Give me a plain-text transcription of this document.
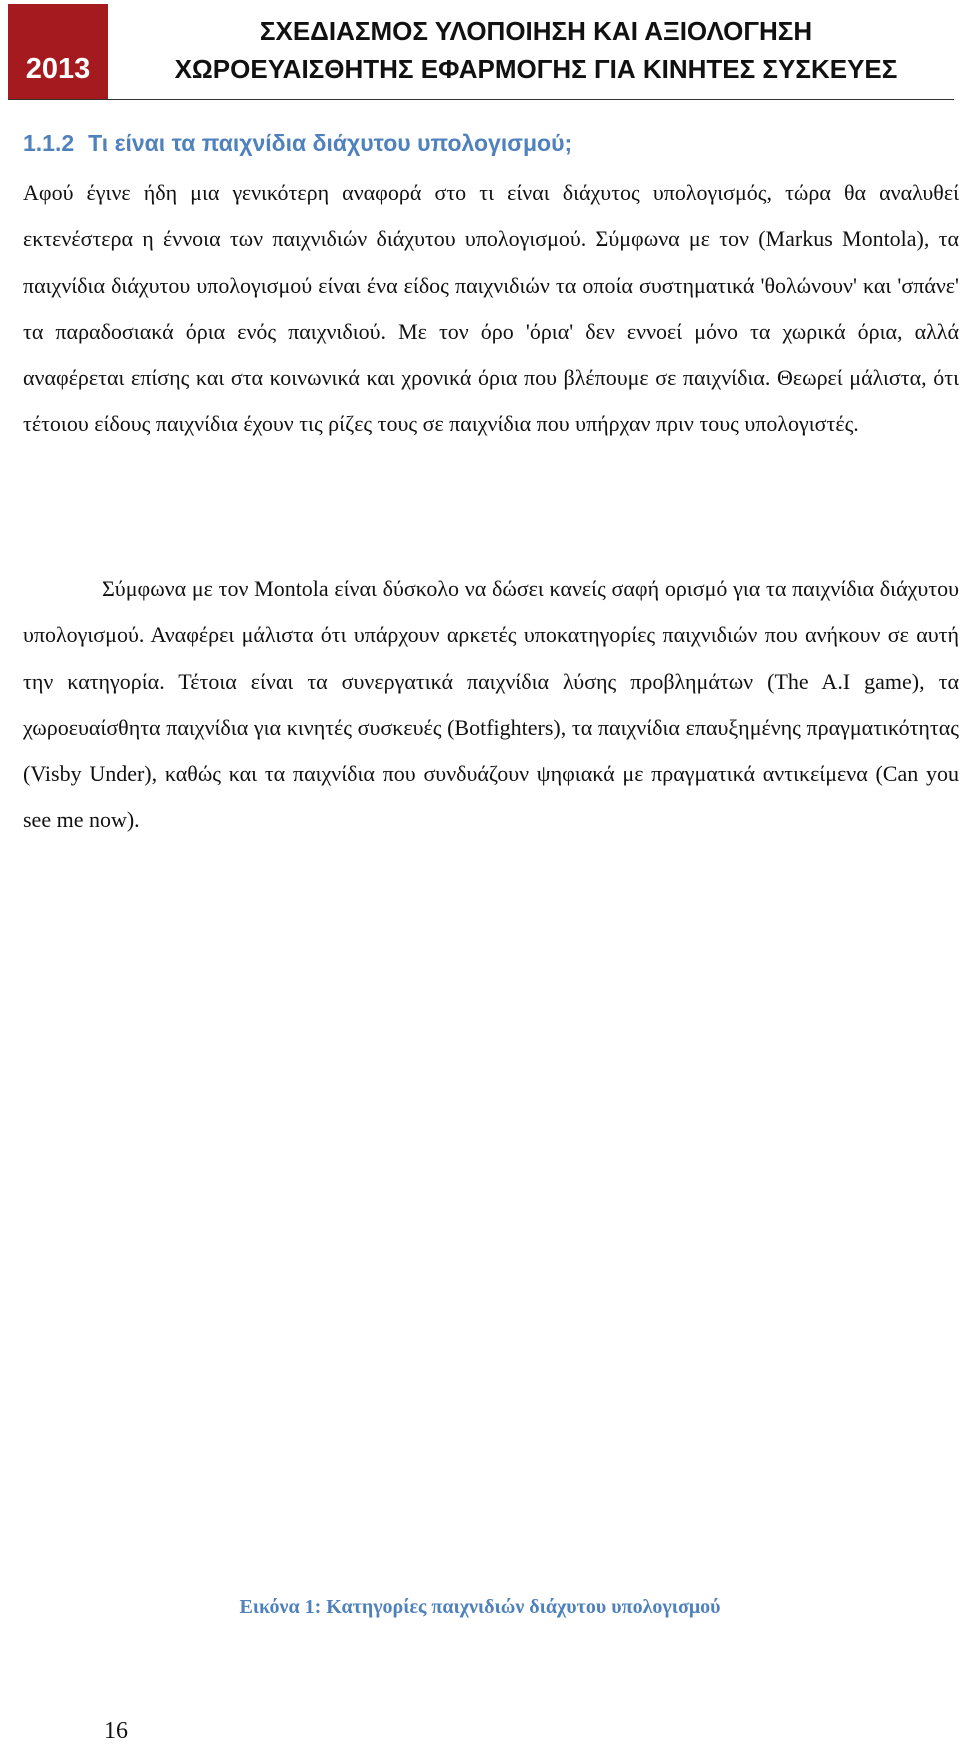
2013
ΣΧΕΔΙΑΣΜΟΣ ΥΛΟΠΟΙΗΣΗ ΚΑΙ ΑΞΙΟΛΟΓΗΣΗ
ΧΩΡΟΕΥΑΙΣΘΗΤΗΣ ΕΦΑΡΜΟΓΗΣ ΓΙΑ ΚΙΝΗΤΕΣ ΣΥΣΚΕΥΕΣ
1.1.2 Τι είναι τα παιχνίδια διάχυτου υπολογισμού;

Αφού έγινε ήδη μια γενικότερη αναφορά στο τι είναι διάχυτος υπολογισμός, τώρα θα αναλυθεί εκτενέστερα η έννοια των παιχνιδιών διάχυτου υπολογισμού. Σύμφωνα με τον (Markus Montola), τα παιχνίδια διάχυτου υπολογισμού είναι ένα είδος παιχνιδιών τα οποία συστηματικά 'θολώνουν' και 'σπάνε' τα παραδοσιακά όρια ενός παιχνιδιού. Με τον όρο 'όρια' δεν εννοεί μόνο τα χωρικά όρια, αλλά αναφέρεται επίσης και στα κοινωνικά και χρονικά όρια που βλέπουμε σε παιχνίδια. Θεωρεί μάλιστα, ότι τέτοιου είδους παιχνίδια έχουν τις ρίζες τους σε παιχνίδια που υπήρχαν πριν τους υπολογιστές.

Σύμφωνα με τον Montola είναι δύσκολο να δώσει κανείς σαφή ορισμό για τα παιχνίδια διάχυτου υπολογισμού. Αναφέρει μάλιστα ότι υπάρχουν αρκετές υποκατηγορίες παιχνιδιών που ανήκουν σε αυτή την κατηγορία. Τέτοια είναι τα συνεργατικά παιχνίδια λύσης προβλημάτων (The A.I game), τα χωροευαίσθητα παιχνίδια για κινητές συσκευές (Botfighters), τα παιχνίδια επαυξημένης πραγματικότητας (Visby Under), καθώς και τα παιχνίδια που συνδυάζουν ψηφιακά με πραγματικά αντικείμενα (Can you see me now).

Εικόνα 1: Κατηγορίες παιχνιδιών διάχυτου υπολογισμού
16
